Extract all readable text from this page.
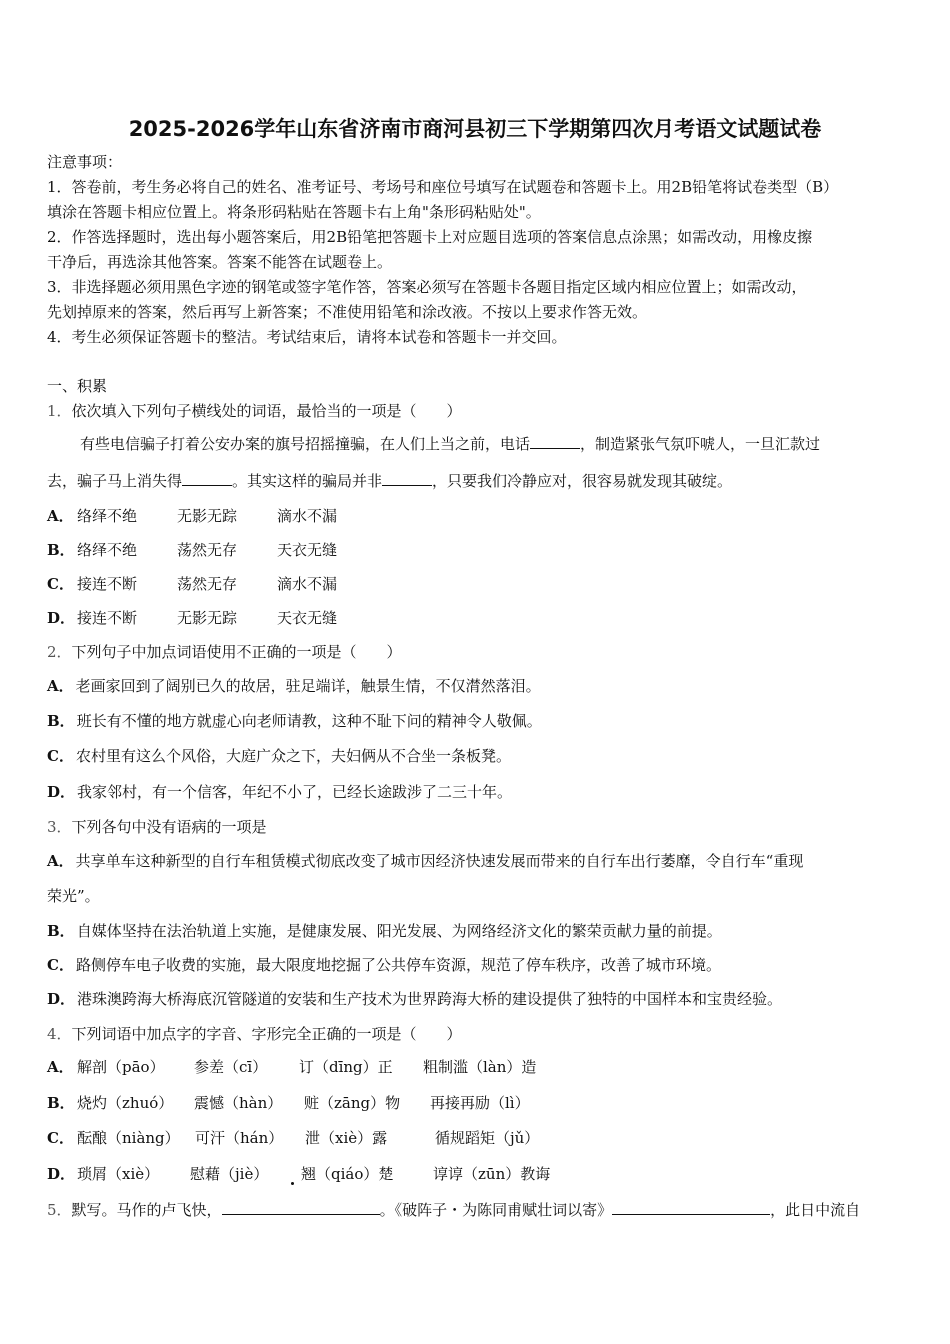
2025-2026学年山东省济南市商河县初三下学期第四次月考语文试题试卷
注意事项：
1．答卷前，考生务必将自己的姓名、准考证号、考场号和座位号填写在试题卷和答题卡上。用2B铅笔将试卷类型（B）
填涂在答题卡相应位置上。将条形码粘贴在答题卡右上角"条形码粘贴处"。
2．作答选择题时，选出每小题答案后，用2B铅笔把答题卡上对应题目选项的答案信息点涂黑；如需改动，用橡皮擦
干净后，再选涂其他答案。答案不能答在试题卷上。
3．非选择题必须用黑色字迹的钢笔或签字笔作答，答案必须写在答题卡各题目指定区域内相应位置上；如需改动，
先划掉原来的答案，然后再写上新答案；不准使用铅笔和涂改液。不按以上要求作答无效。
4．考生必须保证答题卡的整洁。考试结束后，请将本试卷和答题卡一并交回。
一、积累
1．依次填入下列句子横线处的词语，最恰当的一项是（　　）
有些电信骗子打着公安办案的旗号招摇撞骗，在人们上当之前，电话	，制造紧张气氛吓唬人，一旦汇款过
去，骗子马上消失得	。其实这样的骗局并非	，只要我们冷静应对，很容易就发现其破绽。
A． 络绎不绝	无影无踪	滴水不漏
B． 络绎不绝	荡然无存	天衣无缝
C． 接连不断	荡然无存	滴水不漏
D． 接连不断	无影无踪	天衣无缝
2．下列句子中加点词语使用不正确的一项是（　　）
A． 老画家回到了阔别已久的故居，驻足端详，触景生情，不仅潸然落泪。
B． 班长有不懂的地方就虚心向老师请教，这种不耻下问的精神令人敬佩。
C． 农村里有这么个风俗，大庭广众之下，夫妇俩从不合坐一条板凳。
D． 我家邻村，有一个信客，年纪不小了，已经长途跋涉了二三十年。
3．下列各句中没有语病的一项是
A． 共享单车这种新型的自行车租赁模式彻底改变了城市因经济快速发展而带来的自行车出行萎靡，令自行车“重现
荣光”。
B． 自媒体坚持在法治轨道上实施，是健康发展、阳光发展、为网络经济文化的繁荣贡献力量的前提。
C． 路侧停车电子收费的实施，最大限度地挖掘了公共停车资源，规范了停车秩序，改善了城市环境。
D． 港珠澳跨海大桥海底沉管隧道的安装和生产技术为世界跨海大桥的建设提供了独特的中国样本和宝贵经验。
4．下列词语中加点字的字音、字形完全正确的一项是（　　）
A． 解剖（pāo） 参差（cī） 订（dīng）正 粗制滥（làn）造
B． 烧灼（zhuó） 震憾（hàn） 赃（zāng）物 再接再励（lì）
C． 酝酿（niàng） 可汗（hán） 泄（xiè）露	循规蹈矩（jǔ）
D． 琐屑（xiè） 慰藉（jiè） 翘（qiáo）楚	谆谆（zūn）教诲
5．默写。马作的卢飞快，	。《破阵子・为陈同甫赋壮词以寄》	，此日中流自
